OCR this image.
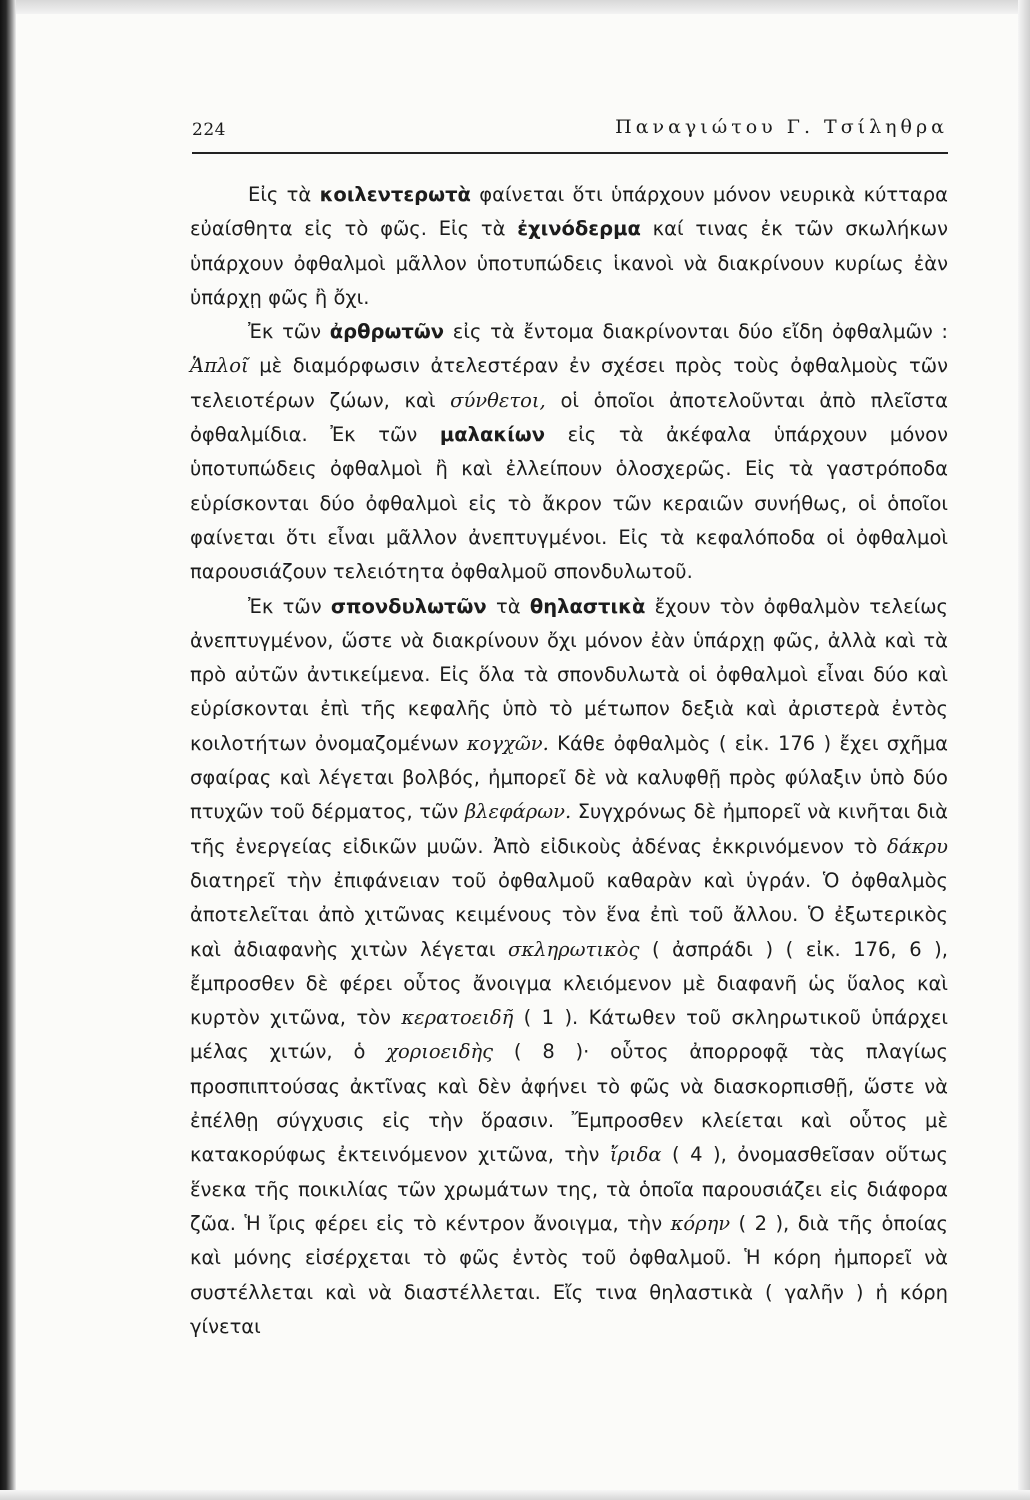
224	Παναγιώτου Γ. Τσίληθρα

Εἰς τὰ κοιλεντερωτὰ φαίνεται ὅτι ὑπάρχουν μόνον νευρικὰ κύτταρα εὐαίσθητα εἰς τὸ φῶς. Εἰς τὰ ἐχινόδερμα καί τινας ἐκ τῶν σκωλήκων ὑπάρχουν ὀφθαλμοὶ μᾶλλον ὑποτυπώδεις ἱκανοὶ νὰ διακρίνουν κυρίως ἐὰν ὑπάρχῃ φῶς ἢ ὄχι.

Ἐκ τῶν ἀρθρωτῶν εἰς τὰ ἔντομα διακρίνονται δύο εἴδη ὀφθαλμῶν : Ἁπλοῖ μὲ διαμόρφωσιν ἀτελεστέραν ἐν σχέσει πρὸς τοὺς ὀφθαλμοὺς τῶν τελειοτέρων ζώων, καὶ σύνθετοι, οἱ ὁποῖοι ἀποτελοῦνται ἀπὸ πλεῖστα ὀφθαλμίδια. Ἐκ τῶν μαλακίων εἰς τὰ ἀκέφαλα ὑπάρχουν μόνον ὑποτυπώδεις ὀφθαλμοὶ ἢ καὶ ἐλλείπουν ὁλοσχερῶς. Εἰς τὰ γαστρόποδα εὑρίσκονται δύο ὀφθαλμοὶ εἰς τὸ ἄκρον τῶν κεραιῶν συνήθως, οἱ ὁποῖοι φαίνεται ὅτι εἶναι μᾶλλον ἀνεπτυγμένοι. Εἰς τὰ κεφαλόποδα οἱ ὀφθαλμοὶ παρουσιάζουν τελειότητα ὀφθαλμοῦ σπονδυλωτοῦ.

Ἐκ τῶν σπονδυλωτῶν τὰ θηλαστικὰ ἔχουν τὸν ὀφθαλμὸν τελείως ἀνεπτυγμένον, ὥστε νὰ διακρίνουν ὄχι μόνον ἐὰν ὑπάρχῃ φῶς, ἀλλὰ καὶ τὰ πρὸ αὐτῶν ἀντικείμενα. Εἰς ὅλα τὰ σπονδυλωτὰ οἱ ὀφθαλμοὶ εἶναι δύο καὶ εὑρίσκονται ἐπὶ τῆς κεφαλῆς ὑπὸ τὸ μέτωπον δεξιὰ καὶ ἀριστερὰ ἐντὸς κοιλοτήτων ὀνομαζομένων κογχῶν. Κάθε ὀφθαλμὸς ( εἰκ. 176 ) ἔχει σχῆμα σφαίρας καὶ λέγεται βολβός, ἠμπορεῖ δὲ νὰ καλυφθῇ πρὸς φύλαξιν ὑπὸ δύο πτυχῶν τοῦ δέρματος, τῶν βλεφάρων. Συγχρόνως δὲ ἠμπορεῖ νὰ κινῆται διὰ τῆς ἐνεργείας εἰδικῶν μυῶν. Ἀπὸ εἰδικοὺς ἀδένας ἐκκρινόμενον τὸ δάκρυ διατηρεῖ τὴν ἐπιφάνειαν τοῦ ὀφθαλμοῦ καθαρὰν καὶ ὑγράν. Ὁ ὀφθαλμὸς ἀποτελεῖται ἀπὸ χιτῶνας κειμένους τὸν ἕνα ἐπὶ τοῦ ἄλλου. Ὁ ἐξωτερικὸς καὶ ἀδιαφανὴς χιτὼν λέγεται σκληρωτικὸς ( ἀσπράδι ) ( εἰκ. 176, 6 ), ἔμπροσθεν δὲ φέρει οὗτος ἄνοιγμα κλειόμενον μὲ διαφανῆ ὡς ὕαλος καὶ κυρτὸν χιτῶνα, τὸν κερατοειδῆ ( 1 ). Κάτωθεν τοῦ σκληρωτικοῦ ὑπάρχει μέλας χιτών, ὁ χοριοειδὴς ( 8 )· οὗτος ἀπορροφᾷ τὰς πλαγίως προσπιπτούσας ἀκτῖνας καὶ δὲν ἀφήνει τὸ φῶς νὰ διασκορπισθῇ, ὥστε νὰ ἐπέλθῃ σύγχυσις εἰς τὴν ὅρασιν. Ἔμπροσθεν κλείεται καὶ οὗτος μὲ κατακορύφως ἐκτεινόμενον χιτῶνα, τὴν ἴριδα ( 4 ), ὀνομασθεῖσαν οὕτως ἕνεκα τῆς ποικιλίας τῶν χρωμάτων της, τὰ ὁποῖα παρουσιάζει εἰς διάφορα ζῶα. Ἡ ἴρις φέρει εἰς τὸ κέντρον ἄνοιγμα, τὴν κόρην ( 2 ), διὰ τῆς ὁποίας καὶ μόνης εἰσέρχεται τὸ φῶς ἐντὸς τοῦ ὀφθαλμοῦ. Ἡ κόρη ἠμπορεῖ νὰ συστέλλεται καὶ νὰ διαστέλλεται. Εἴς τινα θηλαστικὰ ( γαλῆν ) ἡ κόρη γίνεται
